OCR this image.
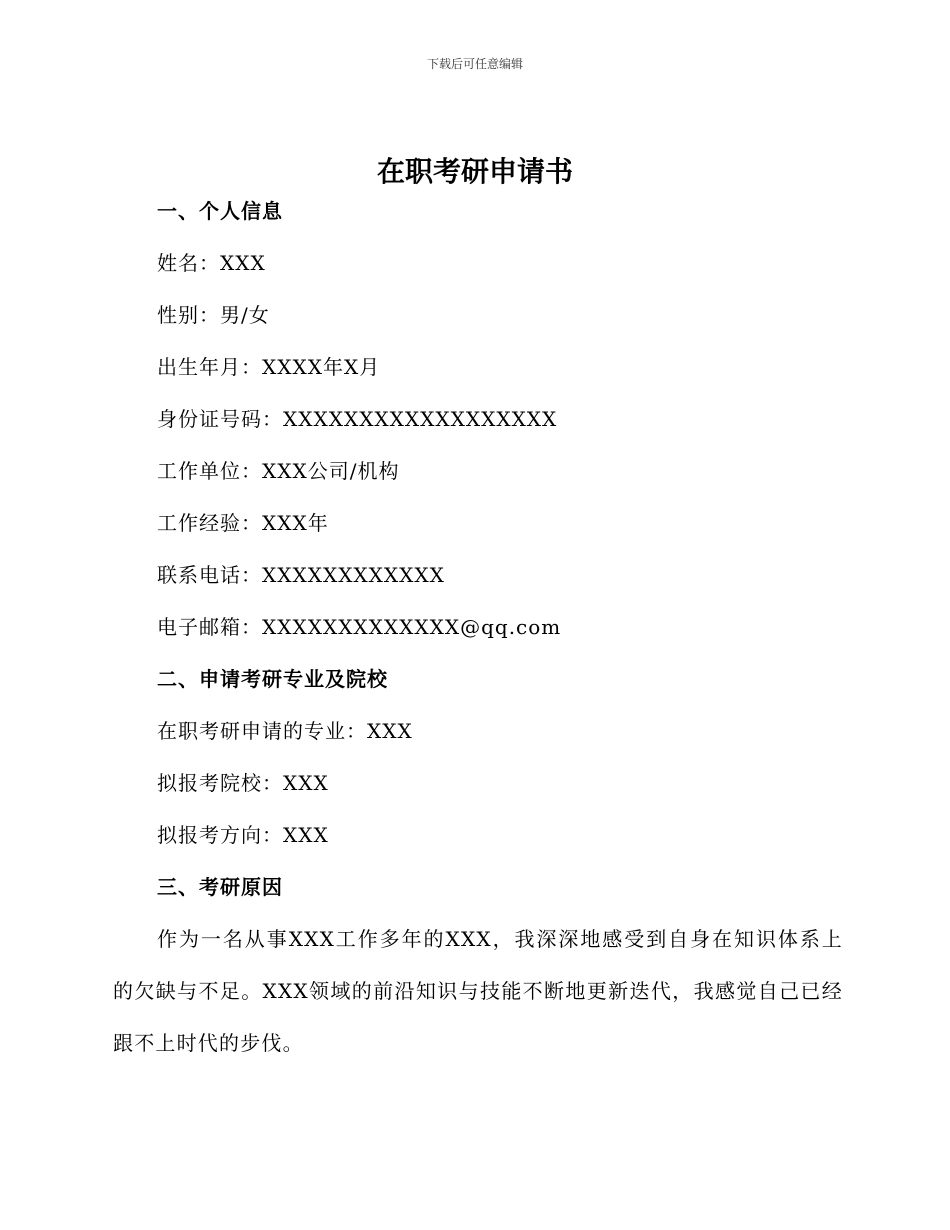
下载后可任意编辑
在职考研申请书
一、个人信息
姓名：XXX
性别：男/女
出生年月：XXXX年X月
身份证号码：XXXXXXXXXXXXXXXXXX
工作单位：XXX公司/机构
工作经验：XXX年
联系电话：XXXXXXXXXXXX
电子邮箱：XXXXXXXXXXXXX@qq.com
二、申请考研专业及院校
在职考研申请的专业：XXX
拟报考院校：XXX
拟报考方向：XXX
三、考研原因

作为一名从事XXX工作多年的XXX，我深深地感受到自身在知识体系上的欠缺与不足。XXX领域的前沿知识与技能不断地更新迭代，我感觉自己已经跟不上时代的步伐。
